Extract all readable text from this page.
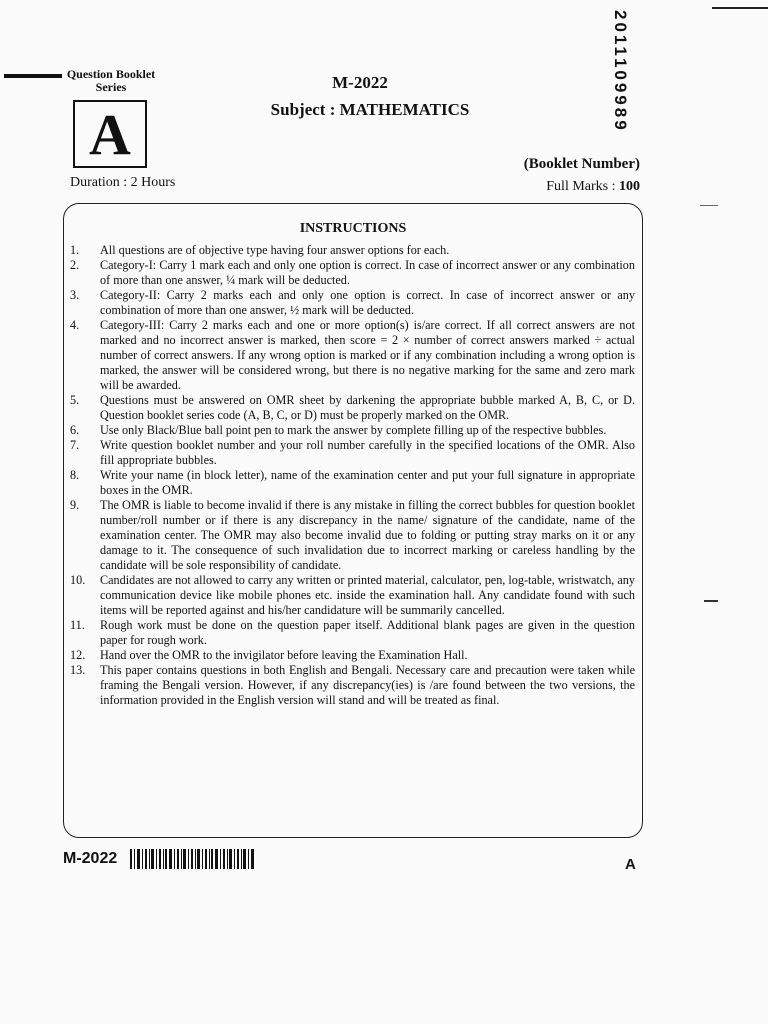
Question Booklet Series
A
M-2022
Subject : MATHEMATICS	2011109989
(Booklet Number)
Duration : 2 Hours	Full Marks : 100
INSTRUCTIONS
1.	All questions are of objective type having four answer options for each.
2.	Category-I: Carry 1 mark each and only one option is correct. In case of incorrect answer or any combination of more than one answer, ¼ mark will be deducted.
3.	Category-II: Carry 2 marks each and only one option is correct. In case of incorrect answer or any combination of more than one answer, ½ mark will be deducted.
4.	Category-III: Carry 2 marks each and one or more option(s) is/are correct. If all correct answers are not marked and no incorrect answer is marked, then score = 2 × number of correct answers marked ÷ actual number of correct answers. If any wrong option is marked or if any combination including a wrong option is marked, the answer will be considered wrong, but there is no negative marking for the same and zero mark will be awarded.
5.	Questions must be answered on OMR sheet by darkening the appropriate bubble marked A, B, C, or D. Question booklet series code (A, B, C, or D) must be properly marked on the OMR.
6.	Use only Black/Blue ball point pen to mark the answer by complete filling up of the respective bubbles.
7.	Write question booklet number and your roll number carefully in the specified locations of the OMR. Also fill appropriate bubbles.
8.	Write your name (in block letter), name of the examination center and put your full signature in appropriate boxes in the OMR.
9.	The OMR is liable to become invalid if there is any mistake in filling the correct bubbles for question booklet number/roll number or if there is any discrepancy in the name/ signature of the candidate, name of the examination center. The OMR may also become invalid due to folding or putting stray marks on it or any damage to it. The consequence of such invalidation due to incorrect marking or careless handling by the candidate will be sole responsibility of candidate.
10.	Candidates are not allowed to carry any written or printed material, calculator, pen, log-table, wristwatch, any communication device like mobile phones etc. inside the examination hall. Any candidate found with such items will be reported against and his/her candidature will be summarily cancelled.
11.	Rough work must be done on the question paper itself. Additional blank pages are given in the question paper for rough work.
12.	Hand over the OMR to the invigilator before leaving the Examination Hall.
13.	This paper contains questions in both English and Bengali. Necessary care and precaution were taken while framing the Bengali version. However, if any discrepancy(ies) is /are found between the two versions, the information provided in the English version will stand and will be treated as final.
M-2022	A
